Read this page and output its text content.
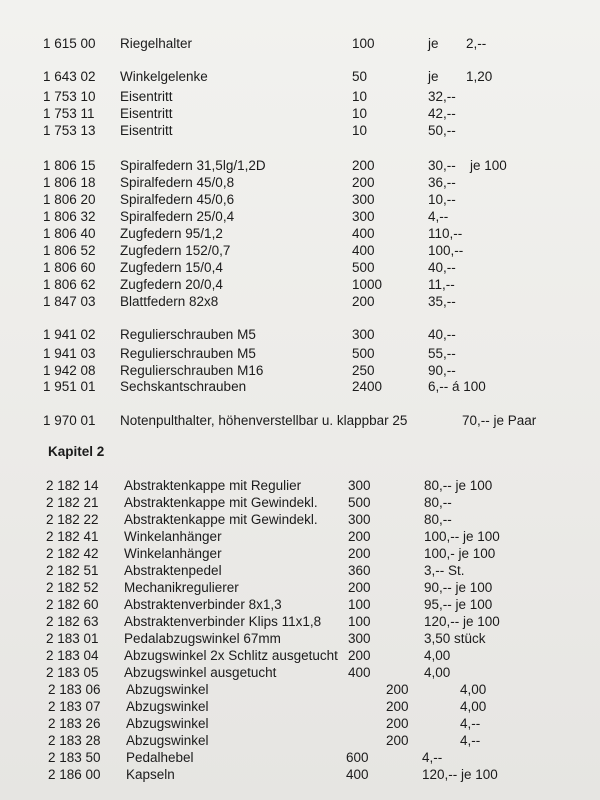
1 615 00 Riegelhalter	100	je 2,--
1 643 02 Winkelgelenke	50	je 1,20
1 753 10 Eisentritt	10	32,--
1 753 11 Eisentritt	10	42,--
1 753 13 Eisentritt	10	50,--
1 806 15 Spiralfedern 31,5lg/1,2D	200	30,-- je 100
1 806 18 Spiralfedern 45/0,8	200	36,--
1 806 20 Spiralfedern 45/0,6	300	10,--
1 806 32 Spiralfedern 25/0,4	300	4,--
1 806 40 Zugfedern 95/1,2	400	110,--
1 806 52 Zugfedern 152/0,7	400	100,--
1 806 60 Zugfedern 15/0,4	500	40,--
1 806 62 Zugfedern 20/0,4	1000	11,--
1 847 03 Blattfedern 82x8	200	35,--
1 941 02 Regulierschrauben M5	300	40,--
1 941 03 Regulierschrauben M5	500	55,--
1 942 08 Regulierschrauben M16	250	90,--
1 951 01 Sechskantschrauben	2400	6,-- á 100
1 970 01 Notenpulthalter, höhenverstellbar u. klappbar 25	70,-- je Paar
Kapitel 2
2 182 14 Abstraktenkappe mit Regulier	300	80,-- je 100
2 182 21 Abstraktenkappe mit Gewindekl. 500	80,--
2 182 22 Abstraktenkappe mit Gewindekl. 300	80,--
2 182 41 Winkelanhänger	200	100,-- je 100
2 182 42 Winkelanhänger	200	100,- je 100
2 182 51 Abstraktenpedel	360	3,-- St.
2 182 52 Mechanikregulierer	200	90,-- je 100
2 182 60 Abstraktenverbinder 8x1,3	100	95,-- je 100
2 182 63 Abstraktenverbinder Klips 11x1,8 100	120,-- je 100
2 183 01 Pedalabzugswinkel 67mm	300	3,50 stück
2 183 04 Abzugswinkel 2x Schlitz ausgetucht 200	4,00
2 183 05 Abzugswinkel ausgetucht	400	4,00
2 183 06 Abzugswinkel	200	4,00
2 183 07 Abzugswinkel	200	4,00
2 183 26 Abzugswinkel	200	4,--
2 183 28 Abzugswinkel	200	4,--
2 183 50 Pedalhebel	600	4,--
2 186 00 Kapseln	400	120,-- je 100
